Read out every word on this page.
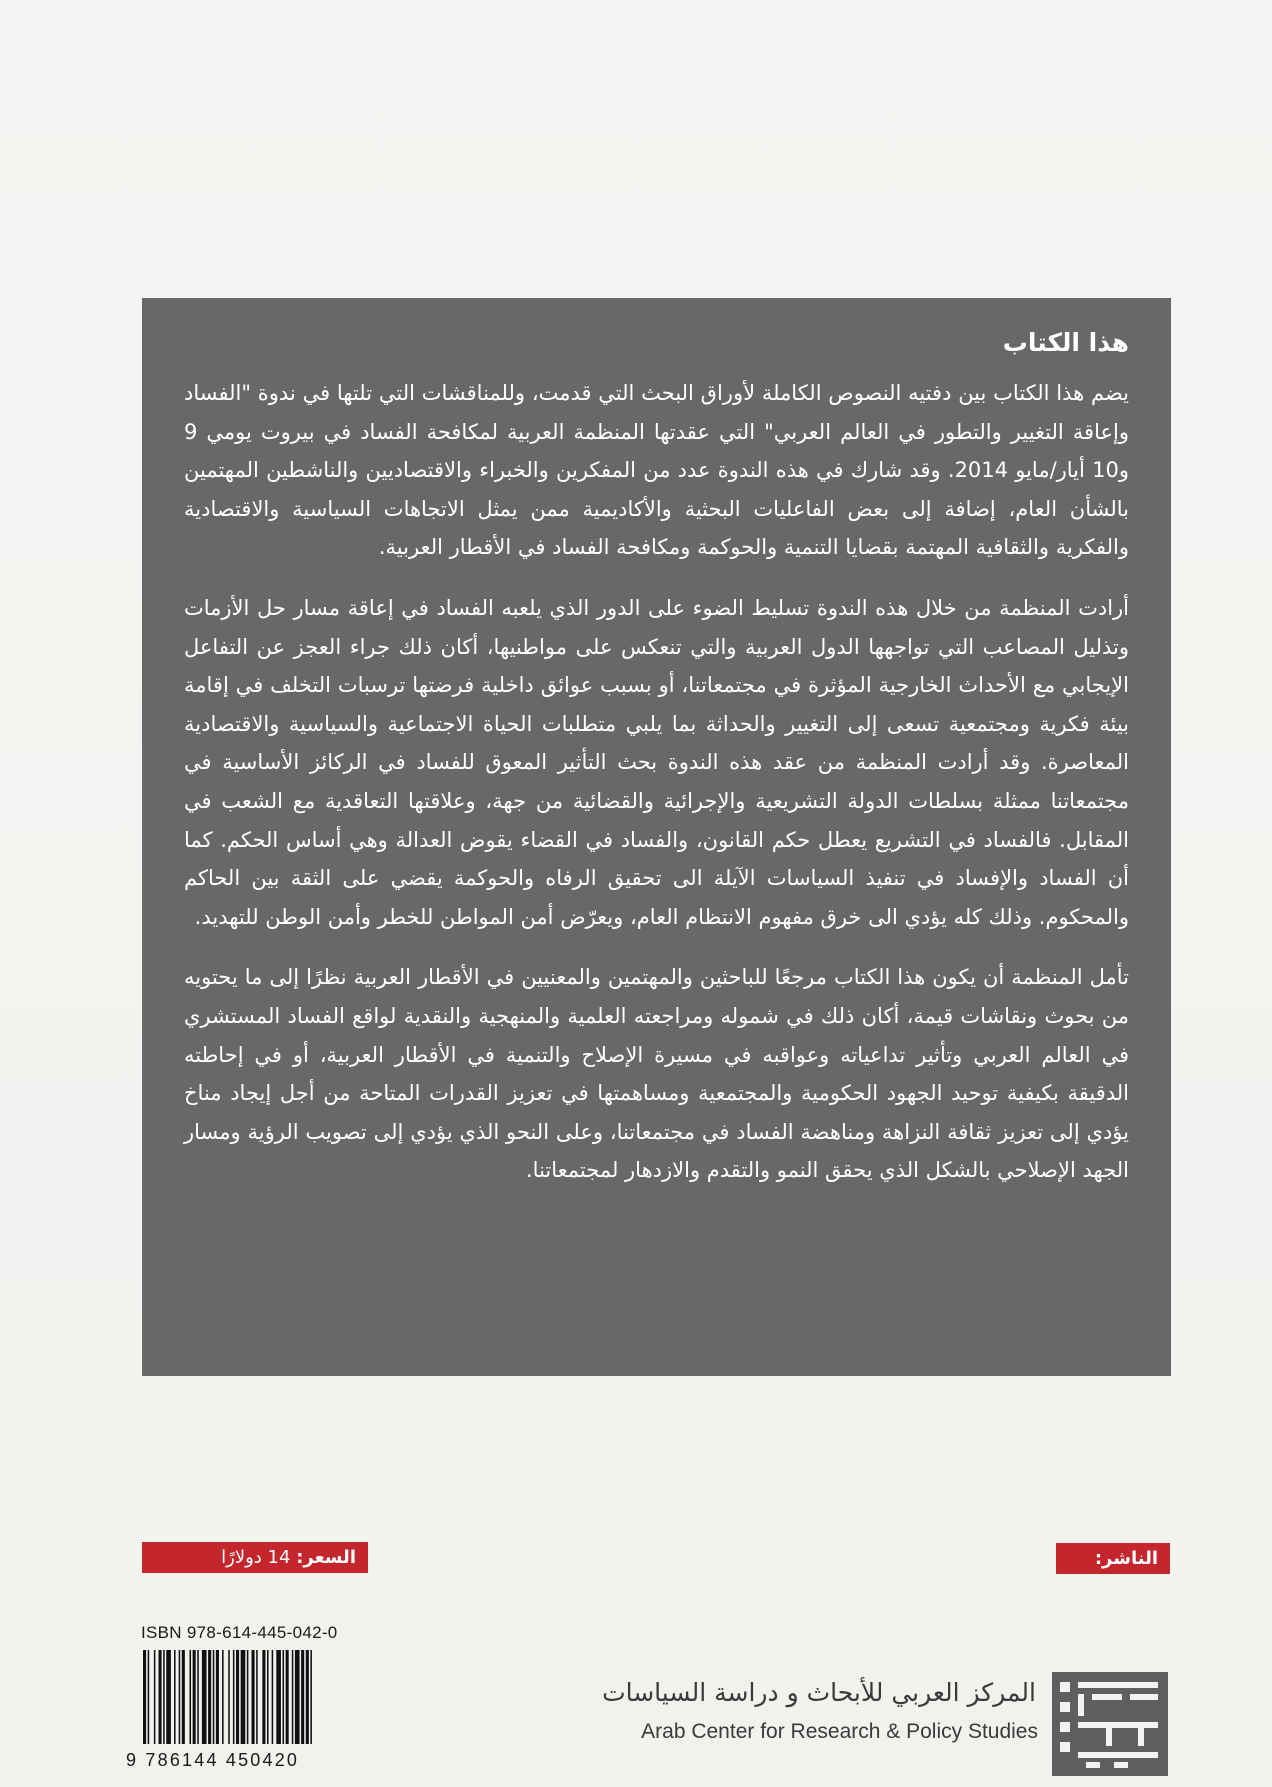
هذا الكتاب

يضم هذا الكتاب بين دفتيه النصوص الكاملة لأوراق البحث التي قدمت، وللمناقشات التي تلتها في ندوة "الفساد وإعاقة التغيير والتطور في العالم العربي" التي عقدتها المنظمة العربية لمكافحة الفساد في بيروت يومي 9 و10 أيار/مايو 2014. وقد شارك في هذه الندوة عدد من المفكرين والخبراء والاقتصاديين والناشطين المهتمين بالشأن العام، إضافة إلى بعض الفاعليات البحثية والأكاديمية ممن يمثل الاتجاهات السياسية والاقتصادية والفكرية والثقافية المهتمة بقضايا التنمية والحوكمة ومكافحة الفساد في الأقطار العربية.

أرادت المنظمة من خلال هذه الندوة تسليط الضوء على الدور الذي يلعبه الفساد في إعاقة مسار حل الأزمات وتذليل المصاعب التي تواجهها الدول العربية والتي تنعكس على مواطنيها، أكان ذلك جراء العجز عن التفاعل الإيجابي مع الأحداث الخارجية المؤثرة في مجتمعاتنا، أو بسبب عوائق داخلية فرضتها ترسبات التخلف في إقامة بيئة فكرية ومجتمعية تسعى إلى التغيير والحداثة بما يلبي متطلبات الحياة الاجتماعية والسياسية والاقتصادية المعاصرة. وقد أرادت المنظمة من عقد هذه الندوة بحث التأثير المعوق للفساد في الركائز الأساسية في مجتمعاتنا ممثلة بسلطات الدولة التشريعية والإجرائية والقضائية من جهة، وعلاقتها التعاقدية مع الشعب في المقابل. فالفساد في التشريع يعطل حكم القانون، والفساد في القضاء يقوض العدالة وهي أساس الحكم. كما أن الفساد والإفساد في تنفيذ السياسات الآيلة الى تحقيق الرفاه والحوكمة يقضي على الثقة بين الحاكم والمحكوم. وذلك كله يؤدي الى خرق مفهوم الانتظام العام، ويعرّض أمن المواطن للخطر وأمن الوطن للتهديد.

تأمل المنظمة أن يكون هذا الكتاب مرجعًا للباحثين والمهتمين والمعنيين في الأقطار العربية نظرًا إلى ما يحتويه من بحوث ونقاشات قيمة، أكان ذلك في شموله ومراجعته العلمية والمنهجية والنقدية لواقع الفساد المستشري في العالم العربي وتأثير تداعياته وعواقبه في مسيرة الإصلاح والتنمية في الأقطار العربية، أو في إحاطته الدقيقة بكيفية توحيد الجهود الحكومية والمجتمعية ومساهمتها في تعزيز القدرات المتاحة من أجل إيجاد مناخ يؤدي إلى تعزيز ثقافة النزاهة ومناهضة الفساد في مجتمعاتنا، وعلى النحو الذي يؤدي إلى تصويب الرؤية ومسار الجهد الإصلاحي بالشكل الذي يحقق النمو والتقدم والازدهار لمجتمعاتنا.

السعر: 14 دولارًا	الناشر:
ISBN 978-614-445-042-0
9 786144 450420
المركز العربي للأبحاث و دراسة السياسات
Arab Center for Research & Policy Studies
